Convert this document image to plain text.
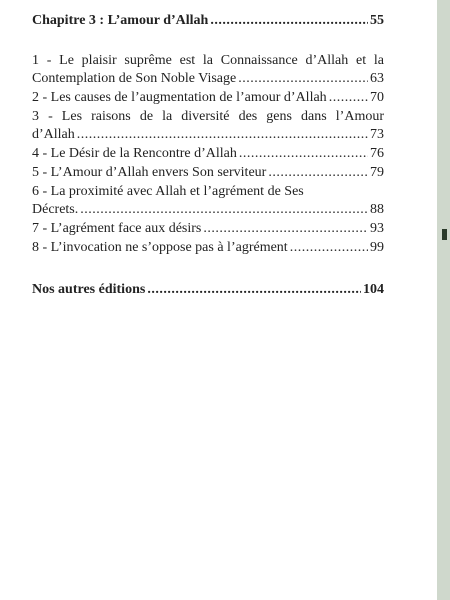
Chapitre 3 : L’amour d’Allah .....	55
1 - Le plaisir suprême est la Connaissance d’Allah et la
Contemplation de Son Noble Visage .....	63
2 - Les causes de l’augmentation de l’amour d’Allah .....	70
3 - Les raisons de la diversité des gens dans l’Amour
d’Allah .....	73
4 - Le Désir de la Rencontre d’Allah .....	76
5 - L’Amour d’Allah envers Son serviteur .....	79
6 - La proximité avec Allah et l’agrément de Ses
Décrets. .....	88
7 - L’agrément face aux désirs .....	93
8 - L’invocation ne s’oppose pas à l’agrément .....	99
Nos autres éditions .....	104
